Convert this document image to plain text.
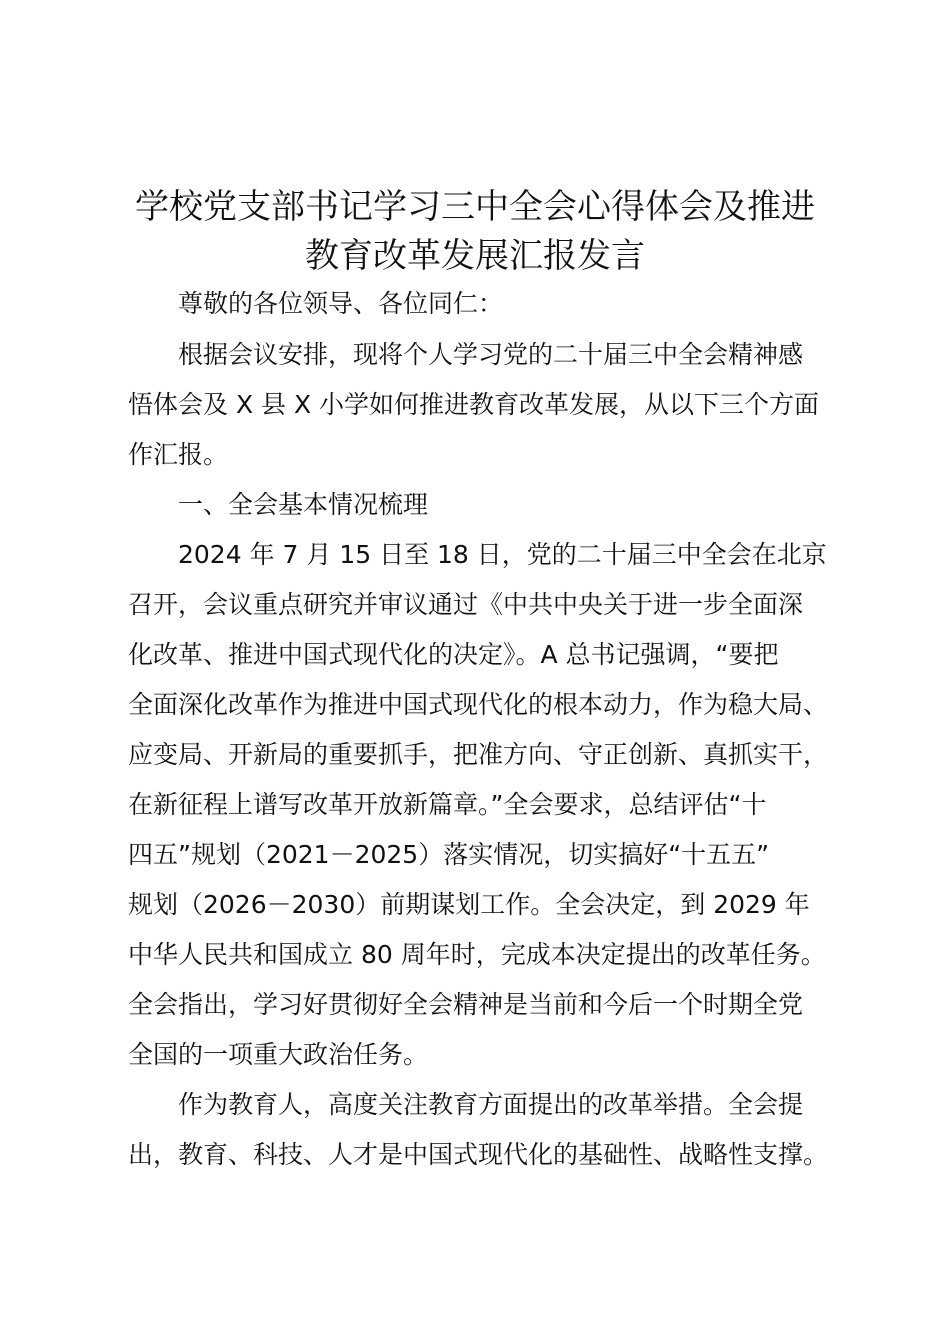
学校党支部书记学习三中全会心得体会及推进
教育改革发展汇报发言
尊敬的各位领导、各位同仁：
根据会议安排，现将个人学习党的二十届三中全会精神感
悟体会及 X 县 X 小学如何推进教育改革发展，从以下三个方面
作汇报。
一、全会基本情况梳理
2024 年 7 月 15 日至 18 日，党的二十届三中全会在北京
召开，会议重点研究并审议通过《中共中央关于进一步全面深
化改革、推进中国式现代化的决定》。A 总书记强调，“要把
全面深化改革作为推进中国式现代化的根本动力，作为稳大局、
应变局、开新局的重要抓手，把准方向、守正创新、真抓实干，
在新征程上谱写改革开放新篇章。”全会要求，总结评估“十
四五”规划（2021－2025）落实情况，切实搞好“十五五”
规划（2026－2030）前期谋划工作。全会决定，到 2029 年
中华人民共和国成立 80 周年时，完成本决定提出的改革任务。
全会指出，学习好贯彻好全会精神是当前和今后一个时期全党
全国的一项重大政治任务。
作为教育人，高度关注教育方面提出的改革举措。全会提
出，教育、科技、人才是中国式现代化的基础性、战略性支撑。
